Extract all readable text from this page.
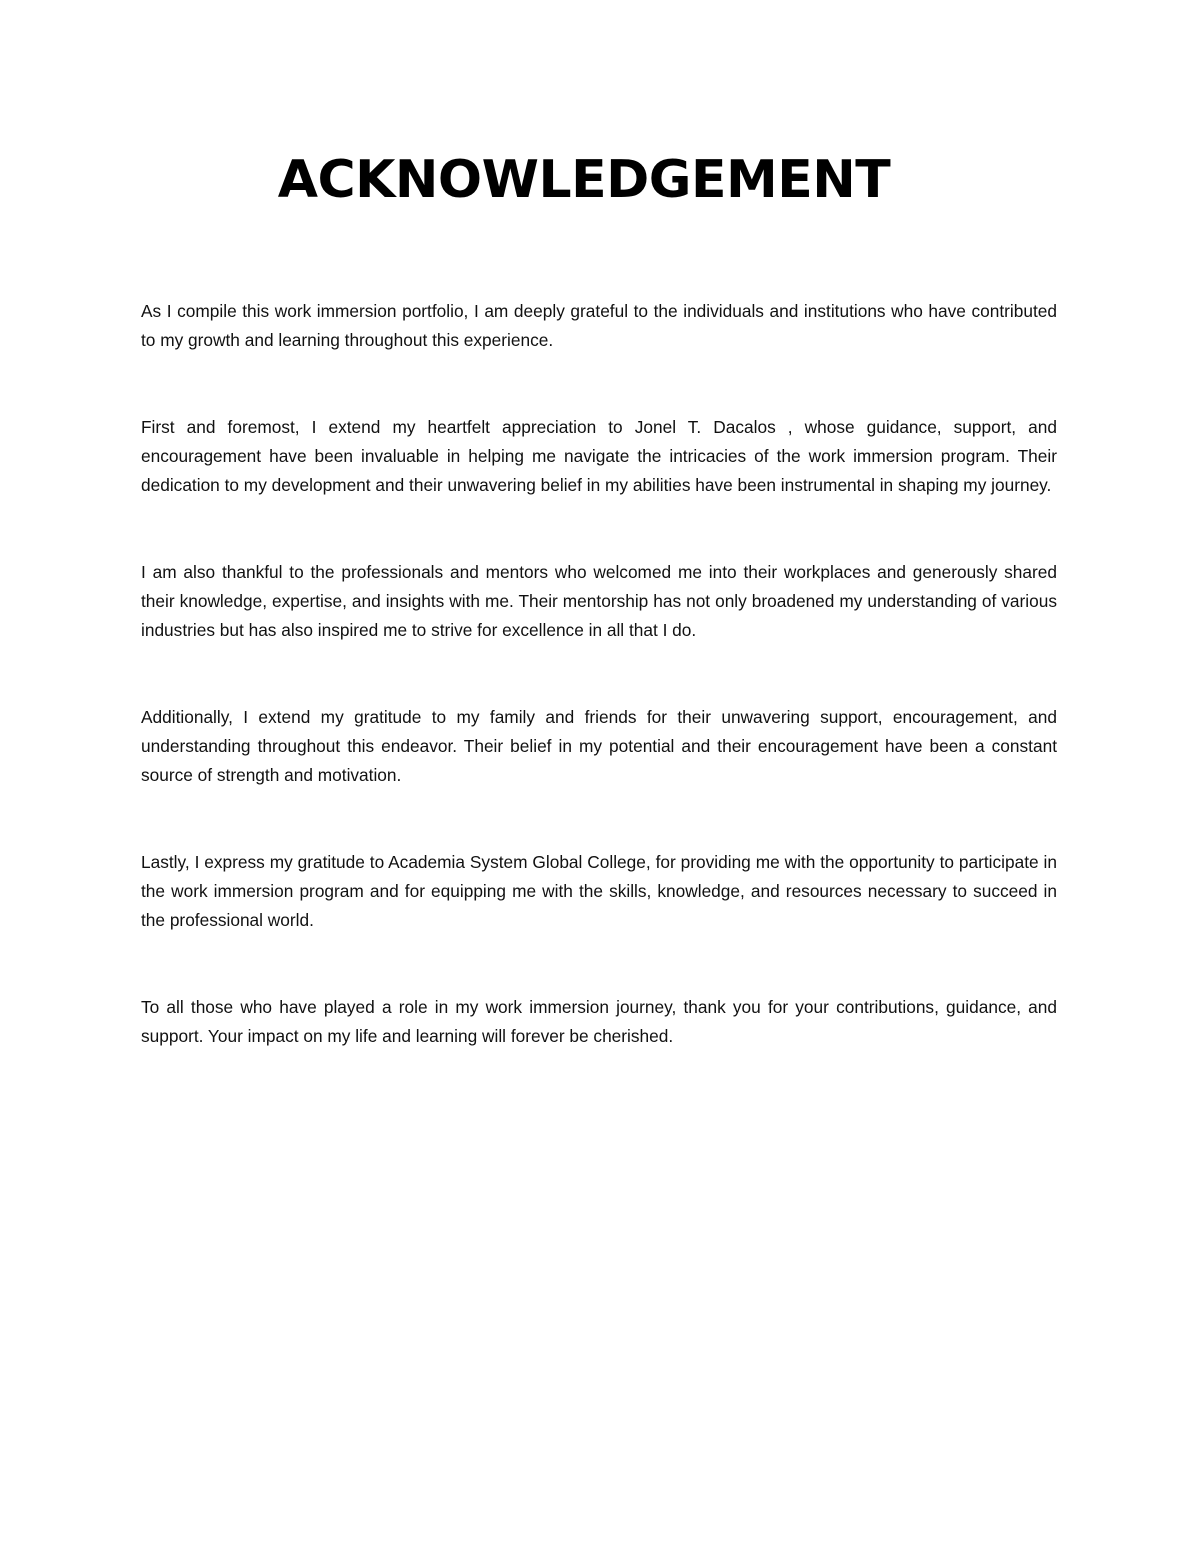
ACKNOWLEDGEMENT

As I compile this work immersion portfolio, I am deeply grateful to the individuals and institutions who have contributed to my growth and learning throughout this experience.

First and foremost, I extend my heartfelt appreciation to Jonel T. Dacalos , whose guidance, support, and encouragement have been invaluable in helping me navigate the intricacies of the work immersion program. Their dedication to my development and their unwavering belief in my abilities have been instrumental in shaping my journey.

I am also thankful to the professionals and mentors who welcomed me into their workplaces and generously shared their knowledge, expertise, and insights with me. Their mentorship has not only broadened my understanding of various industries but has also inspired me to strive for excellence in all that I do.

Additionally, I extend my gratitude to my family and friends for their unwavering support, encouragement, and understanding throughout this endeavor. Their belief in my potential and their encouragement have been a constant source of strength and motivation.

Lastly, I express my gratitude to Academia System Global College, for providing me with the opportunity to participate in the work immersion program and for equipping me with the skills, knowledge, and resources necessary to succeed in the professional world.

To all those who have played a role in my work immersion journey, thank you for your contributions, guidance, and support. Your impact on my life and learning will forever be cherished.
